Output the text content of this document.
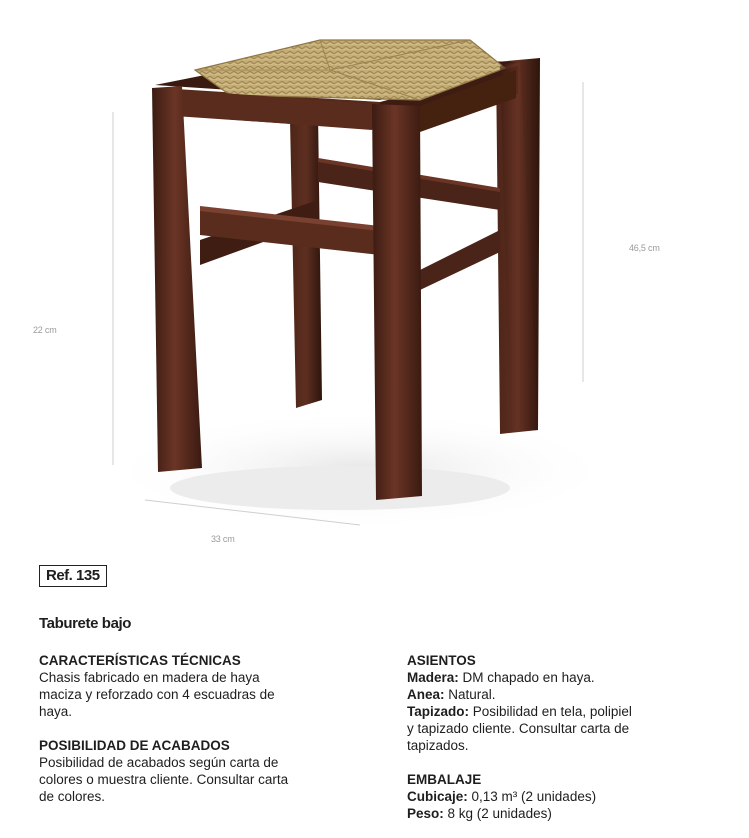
22 cm
46,5 cm
33 cm
Ref. 135
Taburete bajo
CARACTERÍSTICAS TÉCNICAS

Chasis fabricado en madera de haya

maciza y reforzado con 4 escuadras de

haya.

POSIBILIDAD DE ACABADOS

Posibilidad de acabados según carta de

colores o muestra cliente. Consultar carta

de colores.

ASIENTOS

Madera: DM chapado en haya.

Anea: Natural.

Tapizado: Posibilidad en tela, polipiel

y tapizado cliente. Consultar carta de

tapizados.

EMBALAJE

Cubicaje: 0,13 m³ (2 unidades)

Peso: 8 kg (2 unidades)
